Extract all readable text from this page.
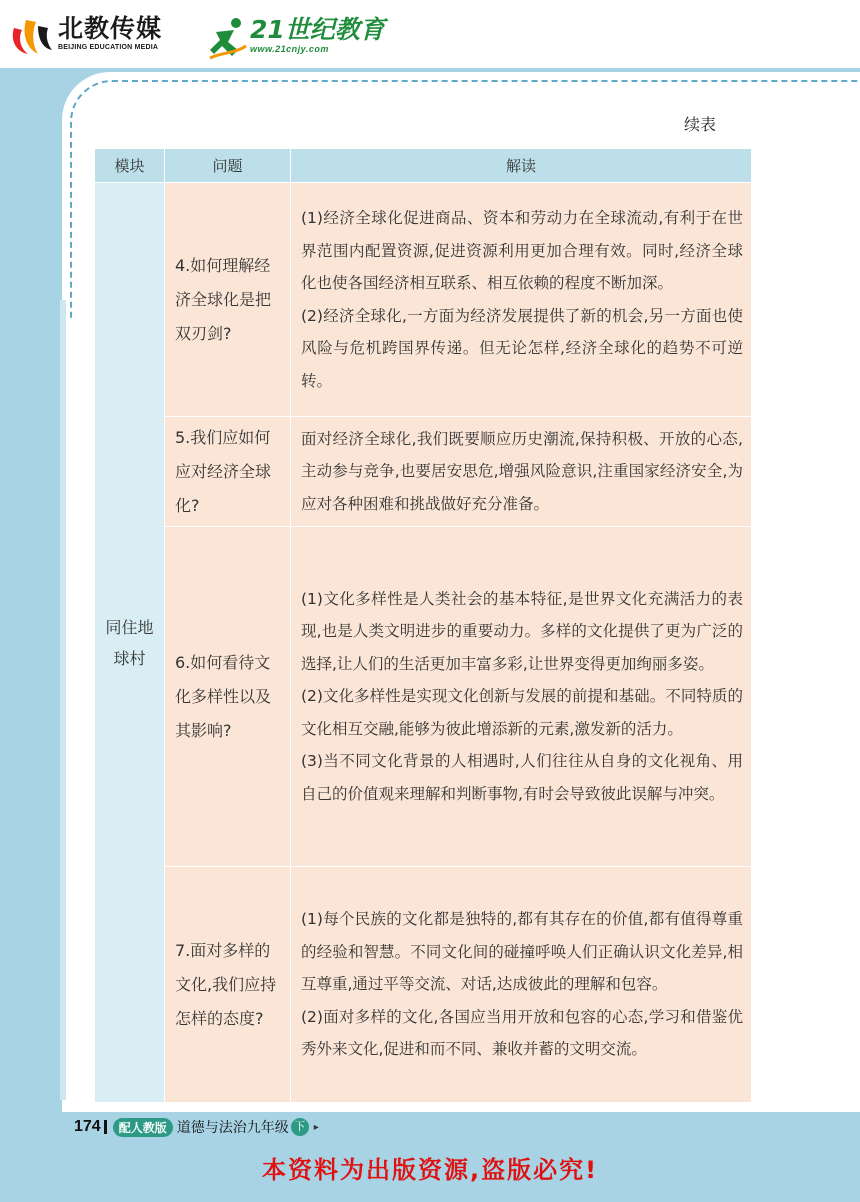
北教传媒
BEIJING EDUCATION MEDIA
21世纪教育
www.21cnjy.com
续表
模块	问题	解读
同住地球村	4.如何理解经济全球化是把双刃剑?	(1)经济全球化促进商品、资本和劳动力在全球流动,有利于在世界范围内配置资源,促进资源利用更加合理有效。同时,经济全球化也使各国经济相互联系、相互依赖的程度不断加深。

(2)经济全球化,一方面为经济发展提供了新的机会,另一方面也使风险与危机跨国界传递。但无论怎样,经济全球化的趋势不可逆转。

	5.我们应如何应对经济全球化?	面对经济全球化,我们既要顺应历史潮流,保持积极、开放的心态,主动参与竞争,也要居安思危,增强风险意识,注重国家经济安全,为应对各种困难和挑战做好充分准备。

	6.如何看待文化多样性以及其影响?	(1)文化多样性是人类社会的基本特征,是世界文化充满活力的表现,也是人类文明进步的重要动力。多样的文化提供了更为广泛的选择,让人们的生活更加丰富多彩,让世界变得更加绚丽多姿。

(2)文化多样性是实现文化创新与发展的前提和基础。不同特质的文化相互交融,能够为彼此增添新的元素,激发新的活力。

(3)当不同文化背景的人相遇时,人们往往从自身的文化视角、用自己的价值观来理解和判断事物,有时会导致彼此误解与冲突。

	7.面对多样的文化,我们应持怎样的态度?	(1)每个民族的文化都是独特的,都有其存在的价值,都有值得尊重的经验和智慧。不同文化间的碰撞呼唤人们正确认识文化差异,相互尊重,通过平等交流、对话,达成彼此的理解和包容。

(2)面对多样的文化,各国应当用开放和包容的心态,学习和借鉴优秀外来文化,促进和而不同、兼收并蓄的文明交流。

174	配人教版 道德与法治九年级 下 ▸
本资料为出版资源,盗版必究!
